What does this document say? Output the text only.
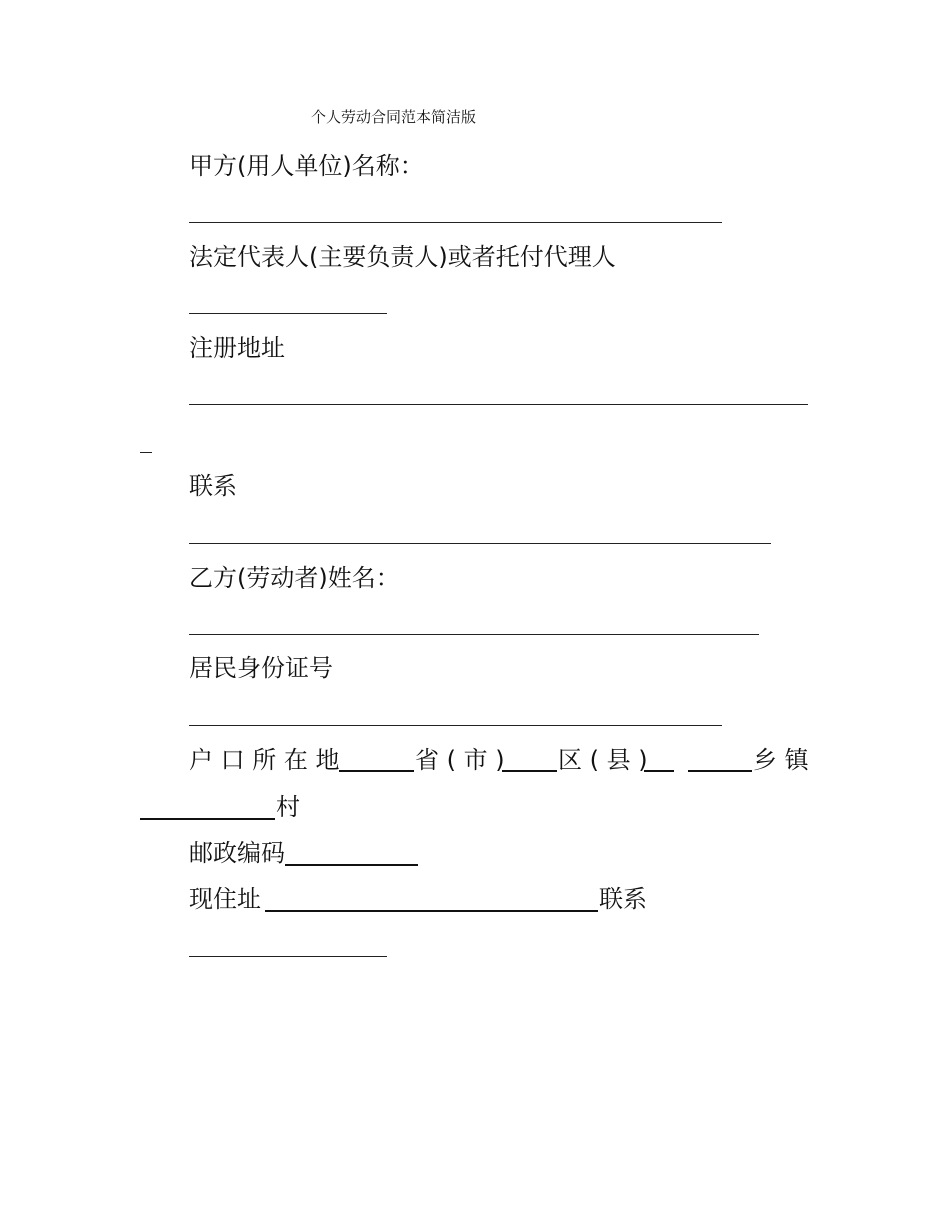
个人劳动合同范本简洁版
甲方(用人单位)名称：
法定代表人(主要负责人)或者托付代理人
注册地址
联系
乙方(劳动者)姓名：
居民身份证号
户 口 所 在 地	省 ( 市 ) 区 ( 县 )	乡 镇
村
邮政编码
现住址	联系
